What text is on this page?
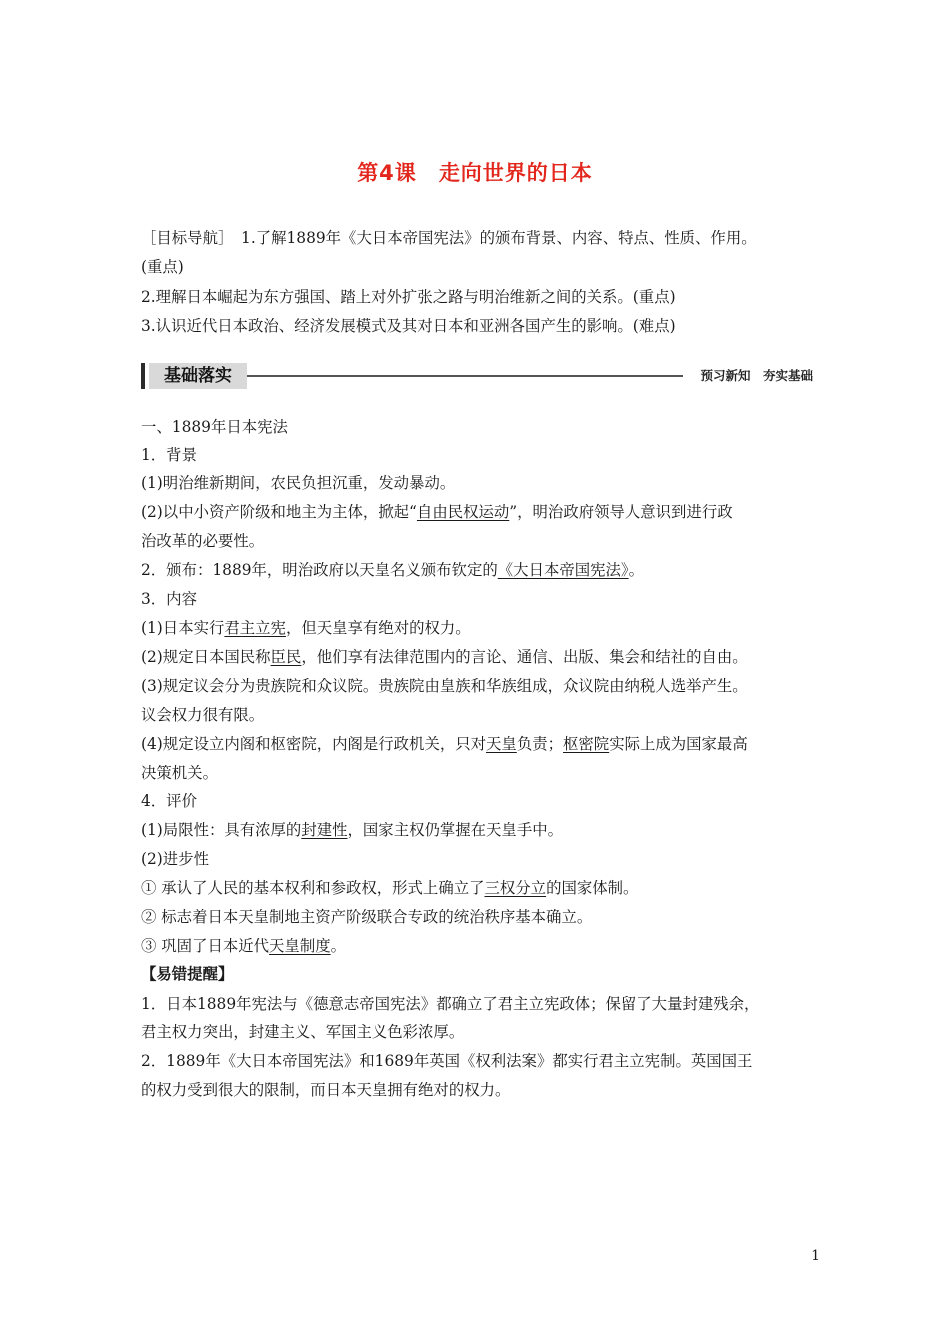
第4课 走向世界的日本
［目标导航］　1.了解1889年《大日本帝国宪法》的颁布背景、内容、特点、性质、作用。
(重点)
2.理解日本崛起为东方强国、踏上对外扩张之路与明治维新之间的关系。(重点)
3.认识近代日本政治、经济发展模式及其对日本和亚洲各国产生的影响。(难点)
基础落实	预习新知　夯实基础
一、1889年日本宪法
1．背景
(1)明治维新期间，农民负担沉重，发动暴动。
(2)以中小资产阶级和地主为主体，掀起“自由民权运动”，明治政府领导人意识到进行政
治改革的必要性。
2．颁布：1889年，明治政府以天皇名义颁布钦定的《大日本帝国宪法》。
3．内容
(1)日本实行君主立宪，但天皇享有绝对的权力。
(2)规定日本国民称臣民，他们享有法律范围内的言论、通信、出版、集会和结社的自由。
(3)规定议会分为贵族院和众议院。贵族院由皇族和华族组成，众议院由纳税人选举产生。
议会权力很有限。
(4)规定设立内阁和枢密院，内阁是行政机关，只对天皇负责；枢密院实际上成为国家最高
决策机关。
4．评价
(1)局限性：具有浓厚的封建性，国家主权仍掌握在天皇手中。
(2)进步性
① 承认了人民的基本权利和参政权，形式上确立了三权分立的国家体制。
② 标志着日本天皇制地主资产阶级联合专政的统治秩序基本确立。
③ 巩固了日本近代天皇制度。
【易错提醒】
1．日本1889年宪法与《德意志帝国宪法》都确立了君主立宪政体；保留了大量封建残余，
君主权力突出，封建主义、军国主义色彩浓厚。
2．1889年《大日本帝国宪法》和1689年英国《权利法案》都实行君主立宪制。英国国王
的权力受到很大的限制，而日本天皇拥有绝对的权力。
1
